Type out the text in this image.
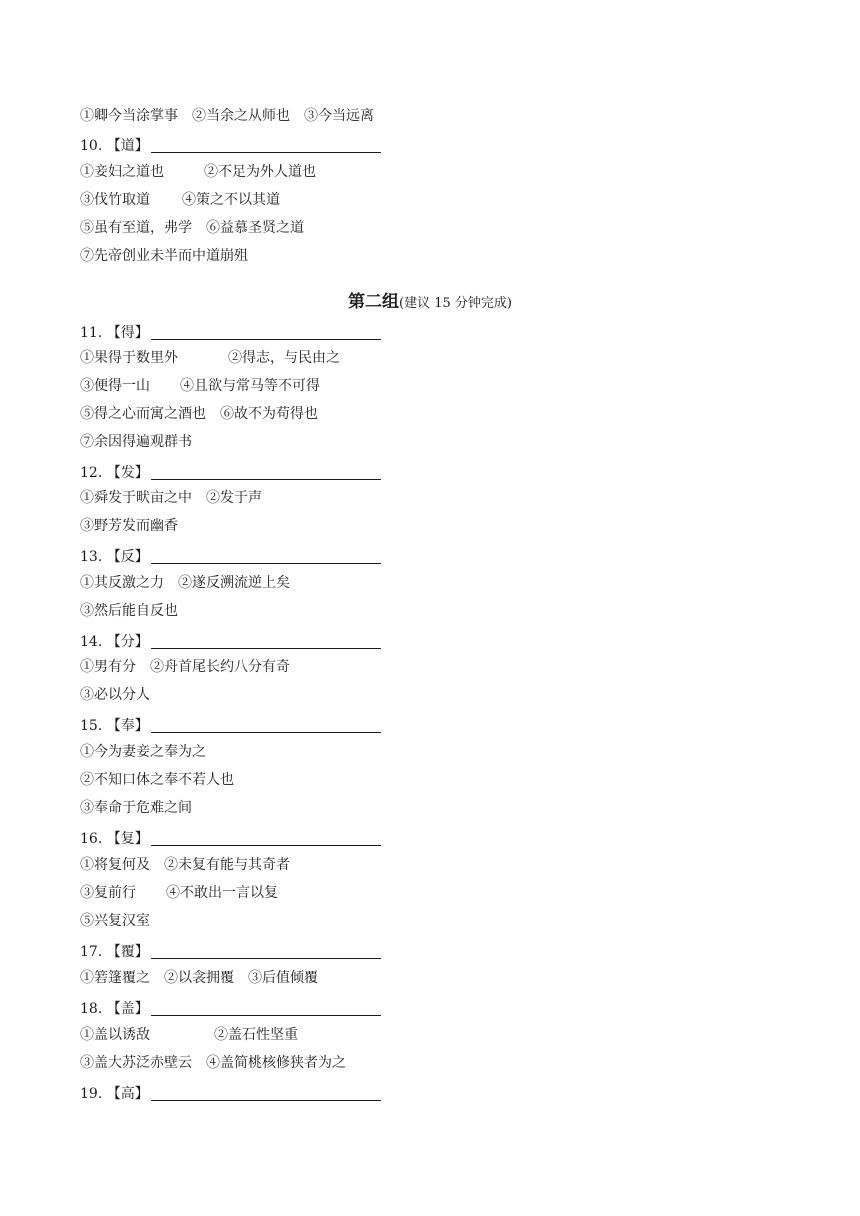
①卿今当涂掌事 ②当余之从师也 ③今当远离
10. 【道】
①妾妇之道也	②不足为外人道也
③伐竹取道 ④策之不以其道
⑤虽有至道，弗学 ⑥益慕圣贤之道
⑦先帝创业未半而中道崩殂
第二组(建议 15 分钟完成)
11. 【得】
①果得于数里外	②得志，与民由之
③便得一山 ④且欲与常马等不可得
⑤得之心而寓之酒也 ⑥故不为苟得也
⑦余因得遍观群书
12. 【发】
①舜发于畎亩之中 ②发于声
③野芳发而幽香
13. 【反】
①其反激之力 ②遂反溯流逆上矣
③然后能自反也
14. 【分】
①男有分 ②舟首尾长约八分有奇
③必以分人
15. 【奉】
①今为妻妾之奉为之
②不知口体之奉不若人也
③奉命于危难之间
16. 【复】
①将复何及 ②未复有能与其奇者
③复前行 ④不敢出一言以复
⑤兴复汉室
17. 【覆】
①箬篷覆之 ②以衾拥覆 ③后值倾覆
18. 【盖】
①盖以诱敌	②盖石性坚重
③盖大苏泛赤壁云 ④盖简桃核修狭者为之
19. 【高】
